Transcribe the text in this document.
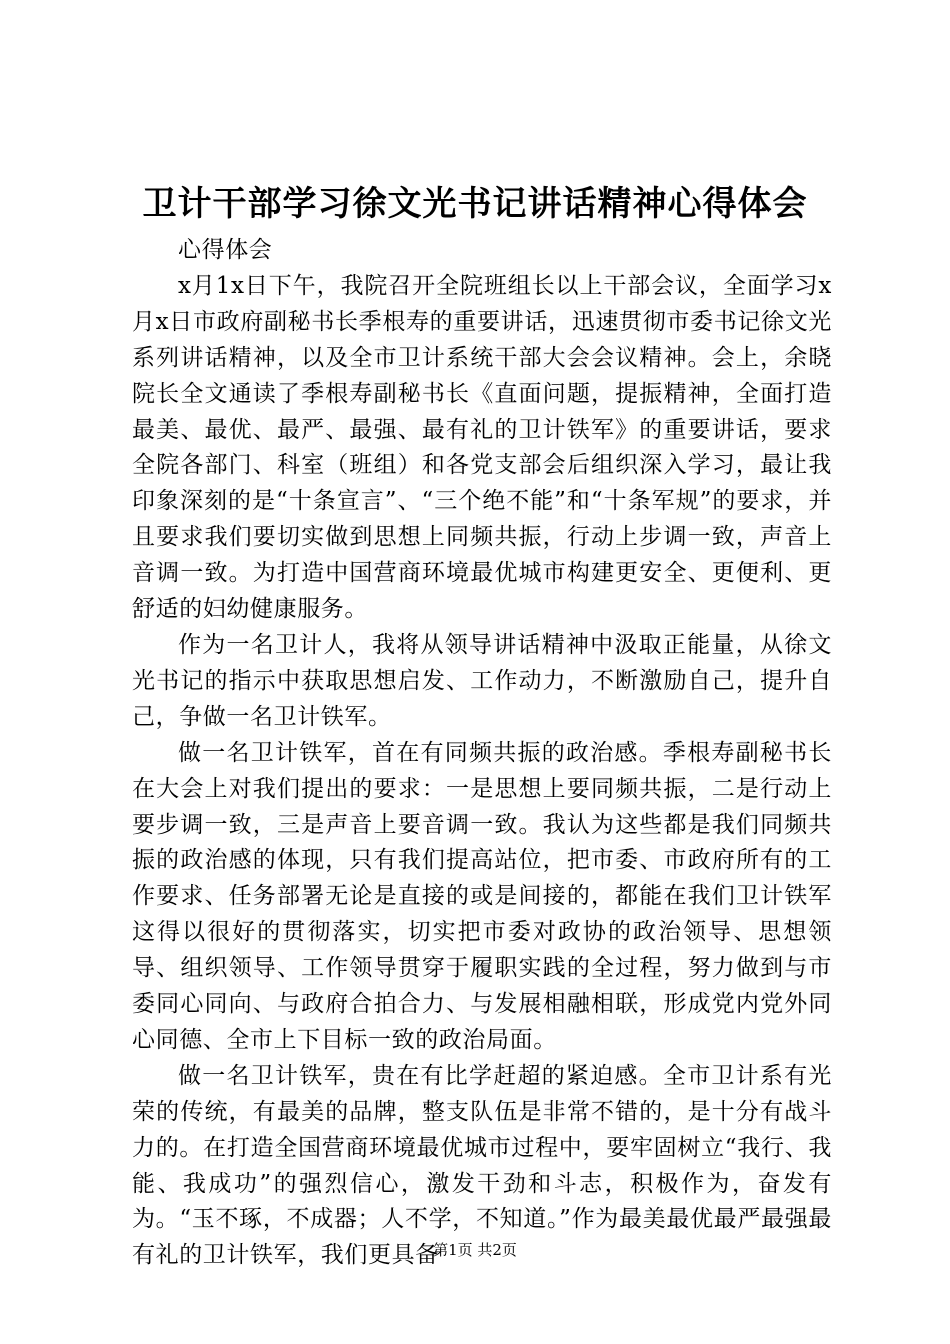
卫计干部学习徐文光书记讲话精神心得体会

心得体会

x月1x日下午，我院召开全院班组长以上干部会议，全面学习x月x日市政府副秘书长季根寿的重要讲话，迅速贯彻市委书记徐文光系列讲话精神，以及全市卫计系统干部大会会议精神。会上，余晓院长全文通读了季根寿副秘书长《直面问题，提振精神，全面打造最美、最优、最严、最强、最有礼的卫计铁军》的重要讲话，要求全院各部门、科室（班组）和各党支部会后组织深入学习，最让我印象深刻的是“十条宣言”、“三个绝不能”和“十条军规”的要求，并且要求我们要切实做到思想上同频共振，行动上步调一致，声音上音调一致。为打造中国营商环境最优城市构建更安全、更便利、更舒适的妇幼健康服务。

作为一名卫计人，我将从领导讲话精神中汲取正能量，从徐文光书记的指示中获取思想启发、工作动力，不断激励自己，提升自己，争做一名卫计铁军。

做一名卫计铁军，首在有同频共振的政治感。季根寿副秘书长在大会上对我们提出的要求：一是思想上要同频共振，二是行动上要步调一致，三是声音上要音调一致。我认为这些都是我们同频共振的政治感的体现，只有我们提高站位，把市委、市政府所有的工作要求、任务部署无论是直接的或是间接的，都能在我们卫计铁军这得以很好的贯彻落实，切实把市委对政协的政治领导、思想领导、组织领导、工作领导贯穿于履职实践的全过程，努力做到与市委同心同向、与政府合拍合力、与发展相融相联，形成党内党外同心同德、全市上下目标一致的政治局面。

做一名卫计铁军，贵在有比学赶超的紧迫感。全市卫计系有光荣的传统，有最美的品牌，整支队伍是非常不错的，是十分有战斗力的。在打造全国营商环境最优城市过程中，要牢固树立“我行、我能、我成功”的强烈信心，激发干劲和斗志，积极作为，奋发有为。“玉不琢，不成器；人不学，不知道。”作为最美最优最严最强最有礼的卫计铁军，我们更具备

第1页 共2页
